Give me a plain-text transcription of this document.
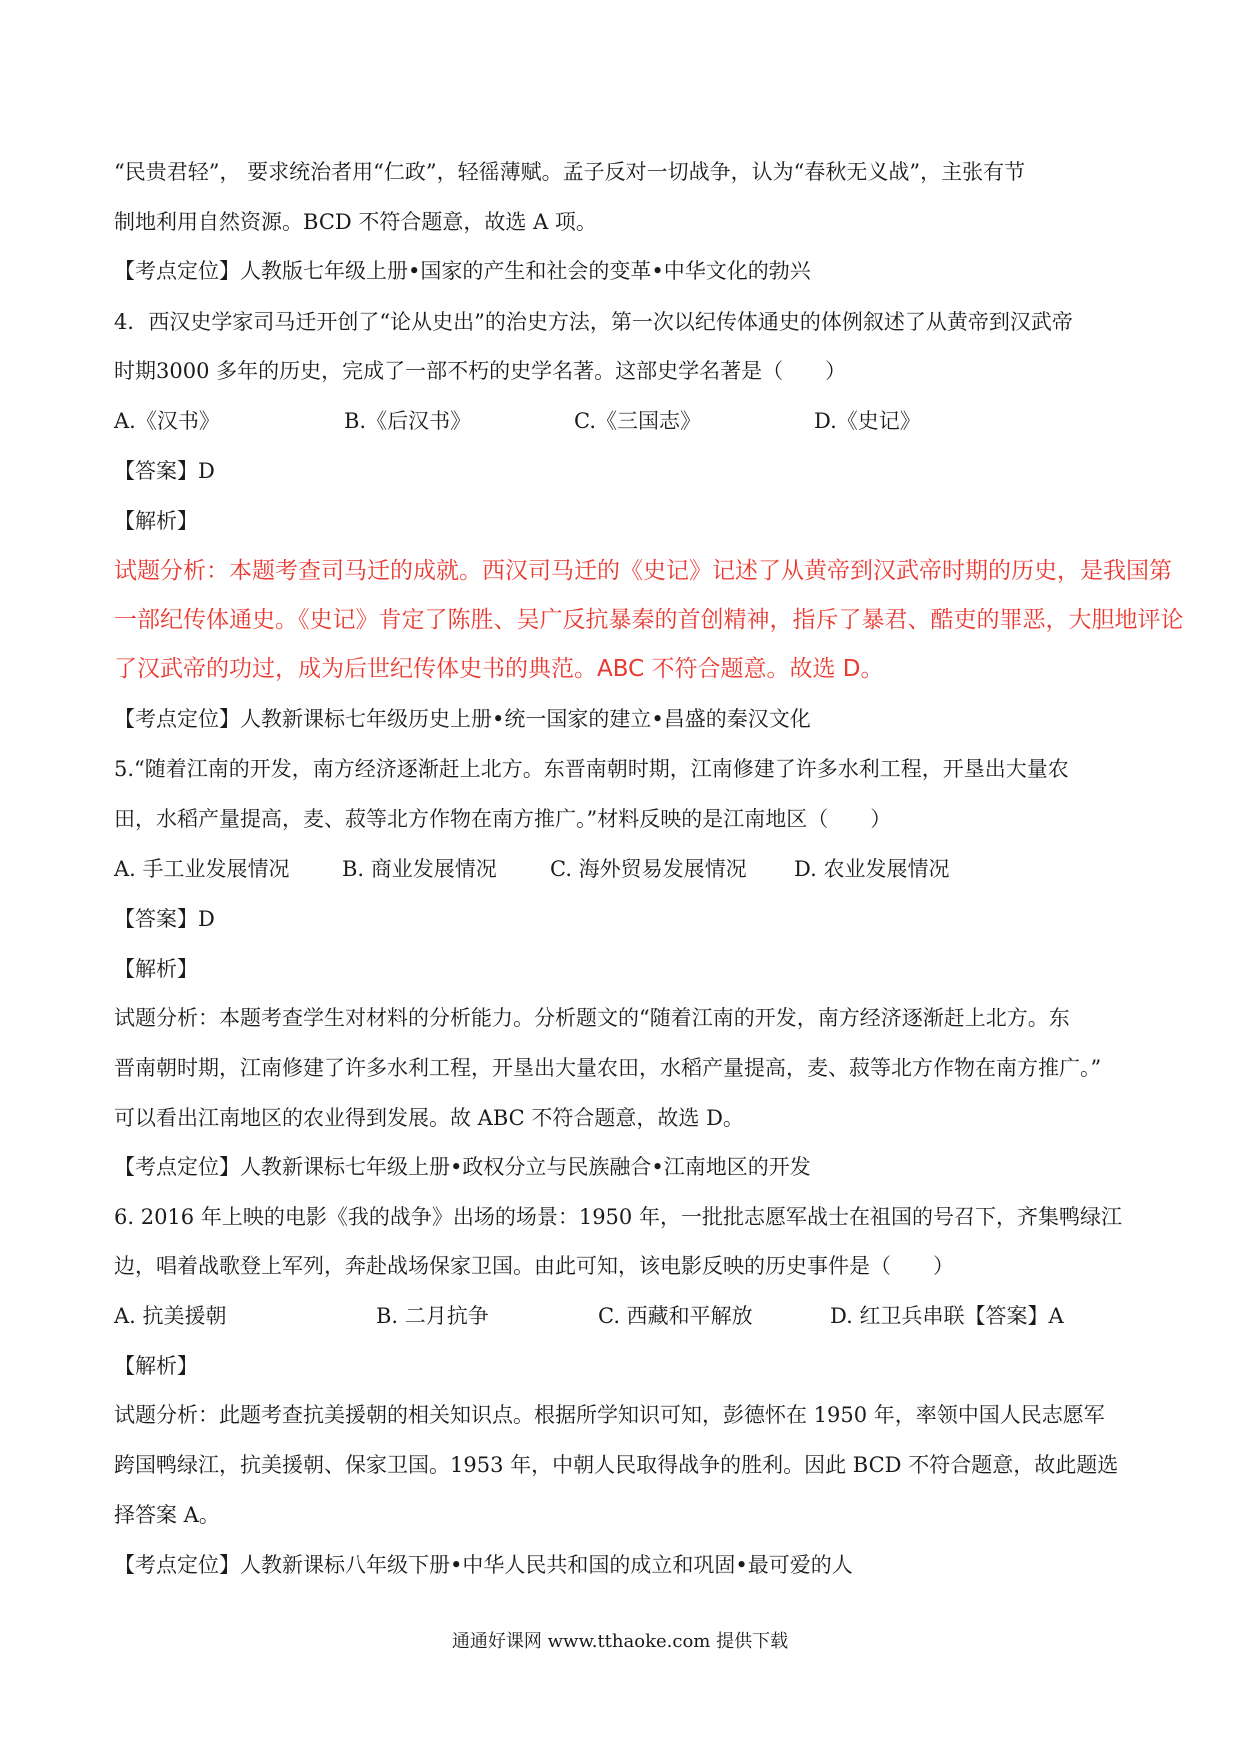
“民贵君轻”， 要求统治者用“仁政”，轻徭薄赋。孟子反对一切战争，认为“春秋无义战”，主张有节
制地利用自然资源。BCD 不符合题意，故选 A 项。
【考点定位】人教版七年级上册•国家的产生和社会的变革•中华文化的勃兴
4．西汉史学家司马迁开创了“论从史出”的治史方法，第一次以纪传体通史的体例叙述了从黄帝到汉武帝
时期3000 多年的历史，完成了一部不朽的史学名著。这部史学名著是（　　）
A.《汉书》	B.《后汉书》	C.《三国志》	D.《史记》
【答案】D
【解析】
试题分析：本题考查司马迁的成就。西汉司马迁的《史记》记述了从黄帝到汉武帝时期的历史，是我国第
一部纪传体通史。《史记》肯定了陈胜、吴广反抗暴秦的首创精神，指斥了暴君、酷吏的罪恶，大胆地评论
了汉武帝的功过，成为后世纪传体史书的典范。ABC 不符合题意。故选 D。
【考点定位】人教新课标七年级历史上册•统一国家的建立•昌盛的秦汉文化
5.“随着江南的开发，南方经济逐渐赶上北方。东晋南朝时期，江南修建了许多水利工程，开垦出大量农
田，水稻产量提高，麦、菽等北方作物在南方推广。”材料反映的是江南地区（　　）
A. 手工业发展情况 B. 商业发展情况	C. 海外贸易发展情况 D. 农业发展情况
【答案】D
【解析】
试题分析：本题考查学生对材料的分析能力。分析题文的“随着江南的开发，南方经济逐渐赶上北方。东
晋南朝时期，江南修建了许多水利工程，开垦出大量农田，水稻产量提高，麦、菽等北方作物在南方推广。”
可以看出江南地区的农业得到发展。故 ABC 不符合题意，故选 D。
【考点定位】人教新课标七年级上册•政权分立与民族融合•江南地区的开发
6. 2016 年上映的电影《我的战争》出场的场景：1950 年，一批批志愿军战士在祖国的号召下，齐集鸭绿江
边，唱着战歌登上军列，奔赴战场保家卫国。由此可知，该电影反映的历史事件是（　　）
A. 抗美援朝	B. 二月抗争	C. 西藏和平解放	D. 红卫兵串联【答案】A
【解析】
试题分析：此题考查抗美援朝的相关知识点。根据所学知识可知，彭德怀在 1950 年，率领中国人民志愿军
跨国鸭绿江，抗美援朝、保家卫国。1953 年，中朝人民取得战争的胜利。因此 BCD 不符合题意，故此题选
择答案 A。
【考点定位】人教新课标八年级下册•中华人民共和国的成立和巩固•最可爱的人
通通好课网 www.tthaoke.com 提供下载
